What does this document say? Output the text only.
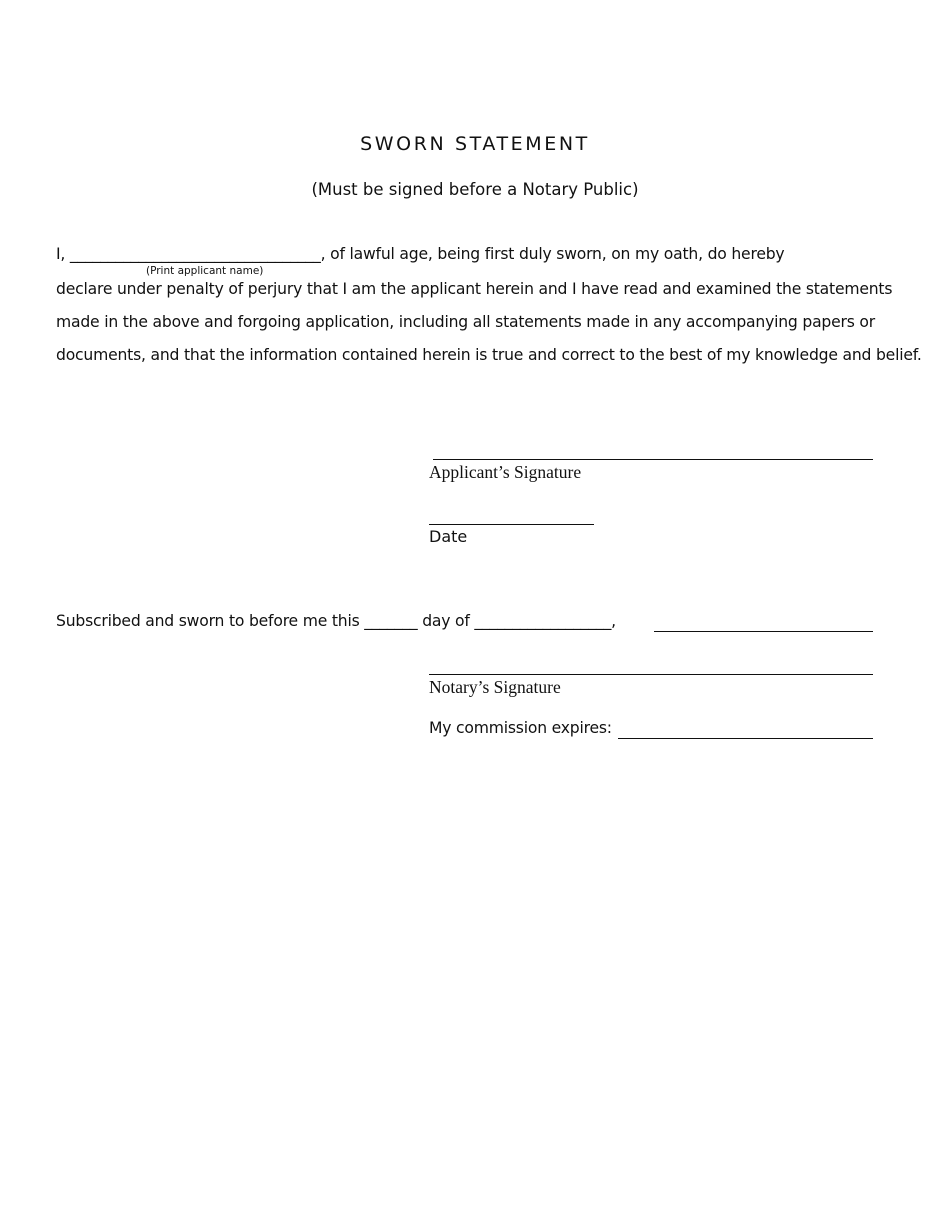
SWORN STATEMENT
(Must be signed before a Notary Public)
I, _________________________________, of lawful age, being first duly sworn, on my oath, do hereby
(Print applicant name)
declare under penalty of perjury that I am the applicant herein and I have read and examined the statements
made in the above and forgoing application, including all statements made in any accompanying papers or
documents, and that the information contained herein is true and correct to the best of my knowledge and belief.
Applicant’s Signature
Date
Subscribed and sworn to before me this _______ day of __________________,
Notary’s Signature
My commission expires:
